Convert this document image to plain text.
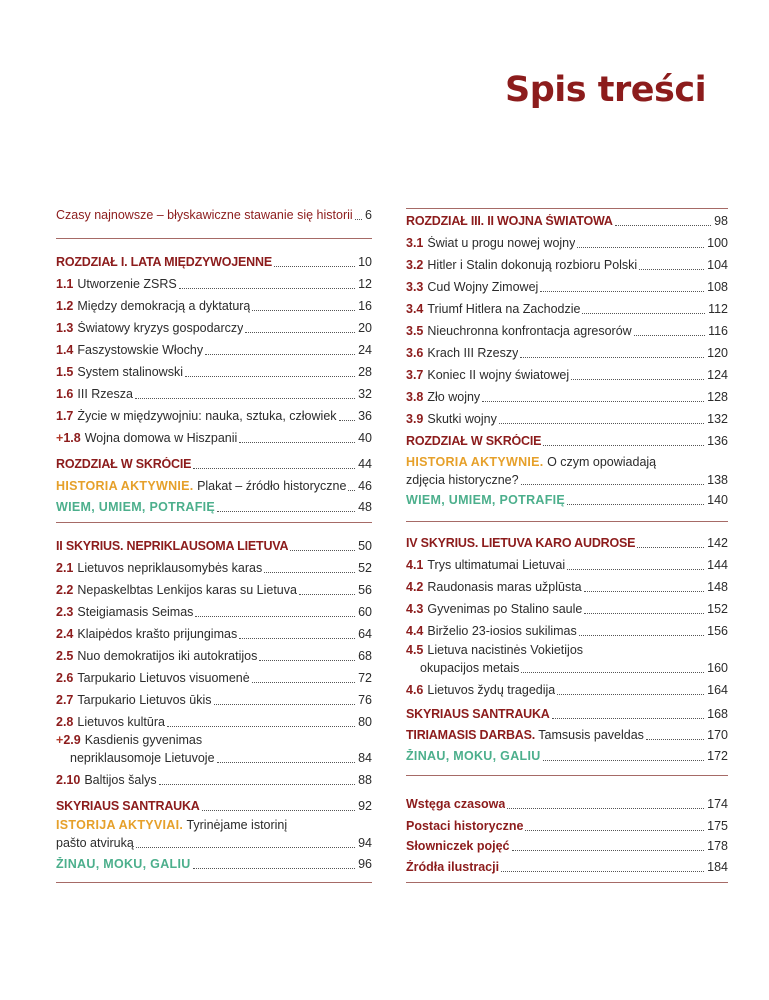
Spis treści
Czasy najnowsze – błyskawiczne stawanie się historii 6
ROZDZIAŁ I. LATA MIĘDZYWOJENNE	10
1.1 Utworzenie ZSRS	12
1.2 Między demokracją a dyktaturą	16
1.3 Światowy kryzys gospodarczy	20
1.4 Faszystowskie Włochy	24
1.5 System stalinowski	28
1.6 III Rzesza	32
1.7 Życie w międzywojniu: nauka, sztuka, człowiek 36
+1.8 Wojna domowa w Hiszpanii	40
ROZDZIAŁ W SKRÓCIE	44
HISTORIA AKTYWNIE. Plakat – źródło historyczne 46
WIEM, UMIEM, POTRAFIĘ	48
II SKYRIUS. NEPRIKLAUSOMA LIETUVA	50
2.1 Lietuvos nepriklausomybės karas	52
2.2 Nepaskelbtas Lenkijos karas su Lietuva	56
2.3 Steigiamasis Seimas	60
2.4 Klaipėdos krašto prijungimas	64
2.5 Nuo demokratijos iki autokratijos	68
2.6 Tarpukario Lietuvos visuomenė	72
2.7 Tarpukario Lietuvos ūkis	76
2.8 Lietuvos kultūra	80
+2.9 Kasdienis gyvenimas
nepriklausomoje Lietuvoje	84
2.10 Baltijos šalys	88
SKYRIAUS SANTRAUKA	92
ISTORIJA AKTYVIAI. Tyrinėjame istorinį
pašto atviruką	94
ŽINAU, MOKU, GALIU	96
ROZDZIAŁ III. II WOJNA ŚWIATOWA	98
3.1 Świat u progu nowej wojny	100
3.2 Hitler i Stalin dokonują rozbioru Polski	104
3.3 Cud Wojny Zimowej	108
3.4 Triumf Hitlera na Zachodzie	112
3.5 Nieuchronna konfrontacja agresorów	116
3.6 Krach III Rzeszy	120
3.7 Koniec II wojny światowej	124
3.8 Zło wojny	128
3.9 Skutki wojny	132
ROZDZIAŁ W SKRÓCIE	136
HISTORIA AKTYWNIE. O czym opowiadają
zdjęcia historyczne?	138
WIEM, UMIEM, POTRAFIĘ	140
IV SKYRIUS. LIETUVA KARO AUDROSE	142
4.1 Trys ultimatumai Lietuvai	144
4.2 Raudonasis maras užplūsta	148
4.3 Gyvenimas po Stalino saule	152
4.4 Birželio 23-iosios sukilimas	156
4.5 Lietuva nacistinės Vokietijos
okupacijos metais	160
4.6 Lietuvos žydų tragedija	164
SKYRIAUS SANTRAUKA	168
TIRIAMASIS DARBAS. Tamsusis paveldas	170
ŽINAU, MOKU, GALIU	172
Wstęga czasowa	174
Postaci historyczne	175
Słowniczek pojęć	178
Źródła ilustracji	184
